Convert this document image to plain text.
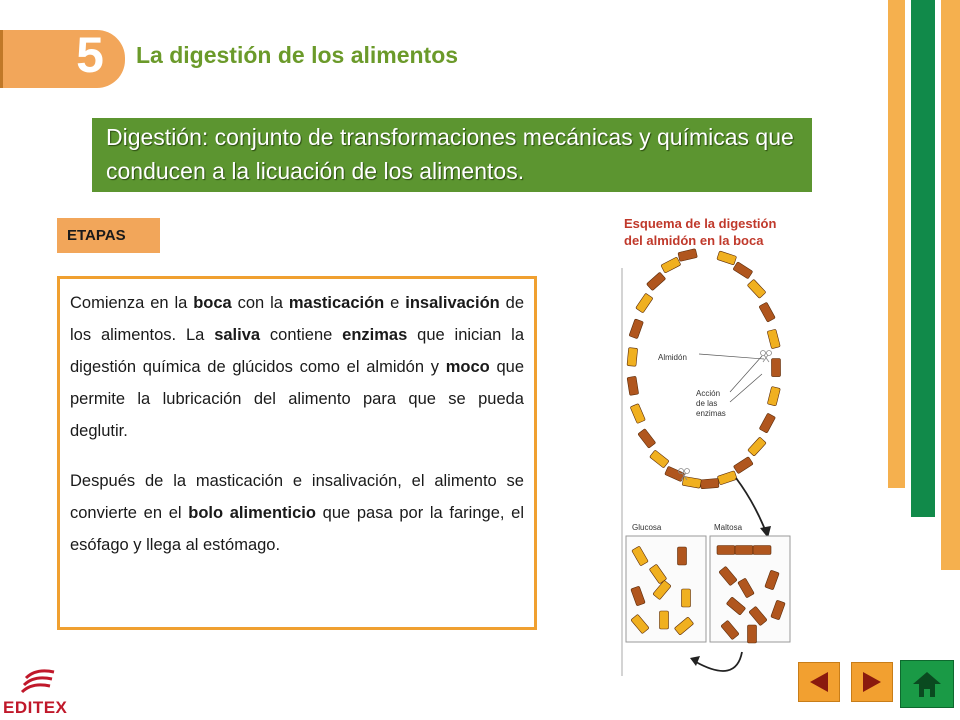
5	La digestión de los alimentos
Digestión: conjunto de transformaciones mecánicas y químicas que conducen a la licuación de los alimentos.
ETAPAS

Comienza en la boca con la masticación e insalivación de los alimentos. La saliva contiene enzimas que inician la digestión química de glúcidos como el almidón y moco que permite la lubricación del alimento para que se pueda deglutir.

Después de la masticación e insalivación, el alimento se convierte en el bolo alimenticio que pasa por la faringe, el esófago y llega al estómago.

Esquema de la digestión
del almidón en la boca
Almidón
Acción
de las
enzimas
Glucosa	Maltosa
EDITEX
